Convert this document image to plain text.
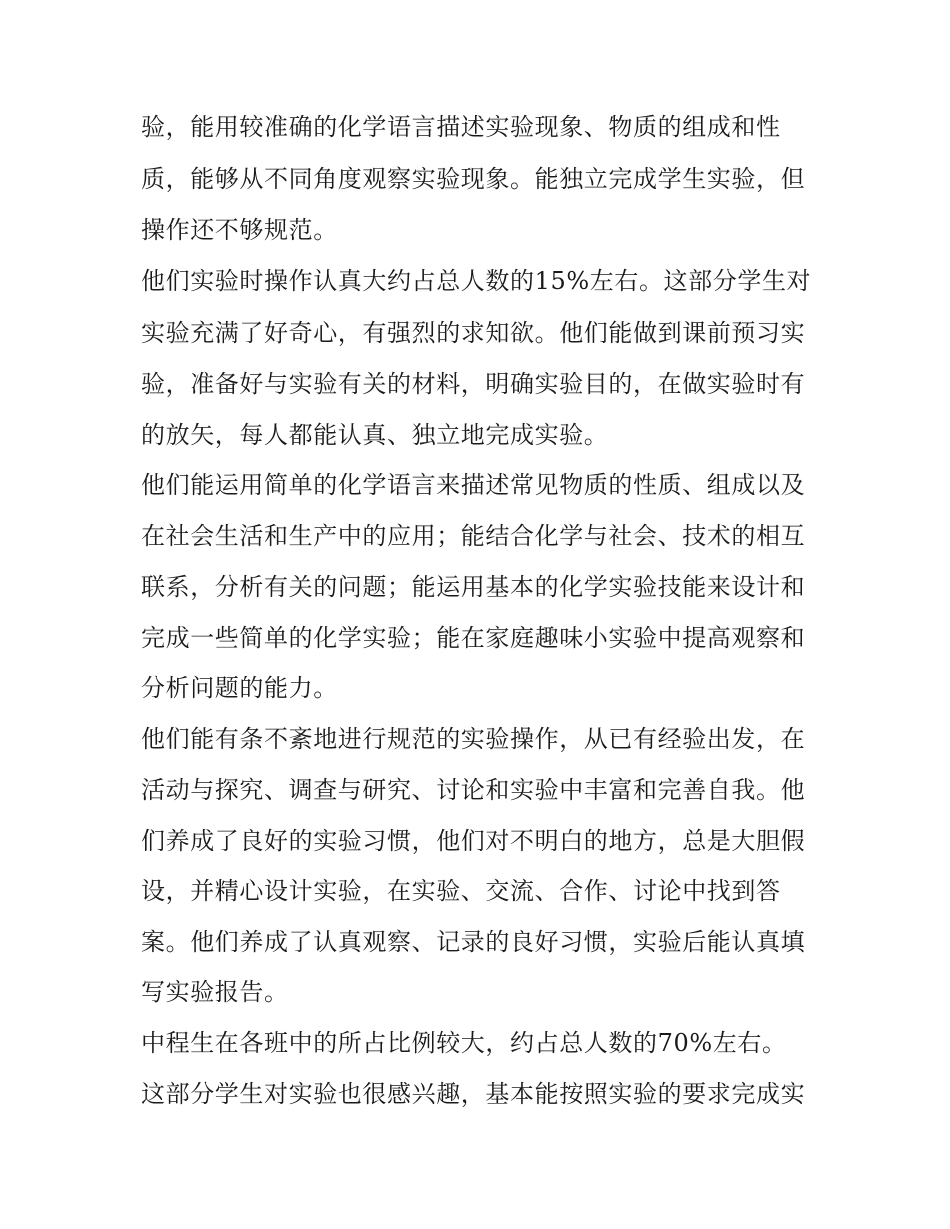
验，能用较准确的化学语言描述实验现象、物质的组成和性
质，能够从不同角度观察实验现象。能独立完成学生实验，但
操作还不够规范。
他们实验时操作认真大约占总人数的15%左右。这部分学生对
实验充满了好奇心，有强烈的求知欲。他们能做到课前预习实
验，准备好与实验有关的材料，明确实验目的，在做实验时有
的放矢，每人都能认真、独立地完成实验。
他们能运用简单的化学语言来描述常见物质的性质、组成以及
在社会生活和生产中的应用；能结合化学与社会、技术的相互
联系，分析有关的问题；能运用基本的化学实验技能来设计和
完成一些简单的化学实验；能在家庭趣味小实验中提高观察和
分析问题的能力。
他们能有条不紊地进行规范的实验操作，从已有经验出发，在
活动与探究、调查与研究、讨论和实验中丰富和完善自我。他
们养成了良好的实验习惯，他们对不明白的地方，总是大胆假
设，并精心设计实验，在实验、交流、合作、讨论中找到答
案。他们养成了认真观察、记录的良好习惯，实验后能认真填
写实验报告。
中程生在各班中的所占比例较大，约占总人数的70%左右。
这部分学生对实验也很感兴趣，基本能按照实验的要求完成实
